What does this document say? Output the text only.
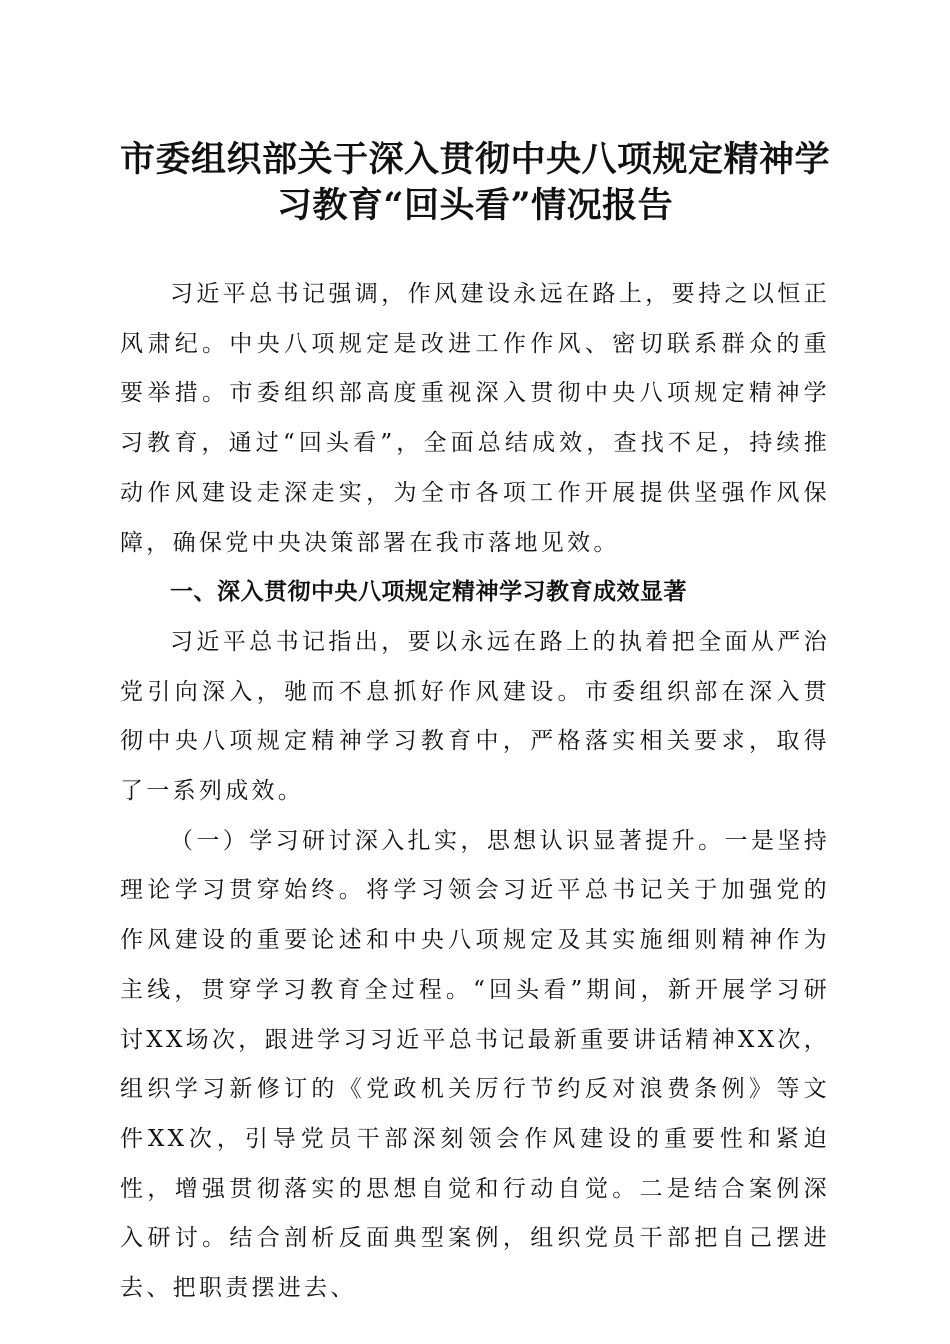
市委组织部关于深入贯彻中央八项规定精神学
习教育“回头看”情况报告

习近平总书记强调，作风建设永远在路上，要持之以恒正风肃纪。中央八项规定是改进工作作风、密切联系群众的重要举措。市委组织部高度重视深入贯彻中央八项规定精神学习教育，通过“回头看”，全面总结成效，查找不足，持续推动作风建设走深走实，为全市各项工作开展提供坚强作风保障，确保党中央决策部署在我市落地见效。

一、深入贯彻中央八项规定精神学习教育成效显著

习近平总书记指出，要以永远在路上的执着把全面从严治党引向深入，驰而不息抓好作风建设。市委组织部在深入贯彻中央八项规定精神学习教育中，严格落实相关要求，取得了一系列成效。

（一）学习研讨深入扎实，思想认识显著提升。一是坚持理论学习贯穿始终。将学习领会习近平总书记关于加强党的作风建设的重要论述和中央八项规定及其实施细则精神作为主线，贯穿学习教育全过程。“回头看”期间，新开展学习研讨XX场次，跟进学习习近平总书记最新重要讲话精神XX次，组织学习新修订的《党政机关厉行节约反对浪费条例》等文件XX次，引导党员干部深刻领会作风建设的重要性和紧迫性，增强贯彻落实的思想自觉和行动自觉。二是结合案例深入研讨。结合剖析反面典型案例，组织党员干部把自己摆进去、把职责摆进去、
